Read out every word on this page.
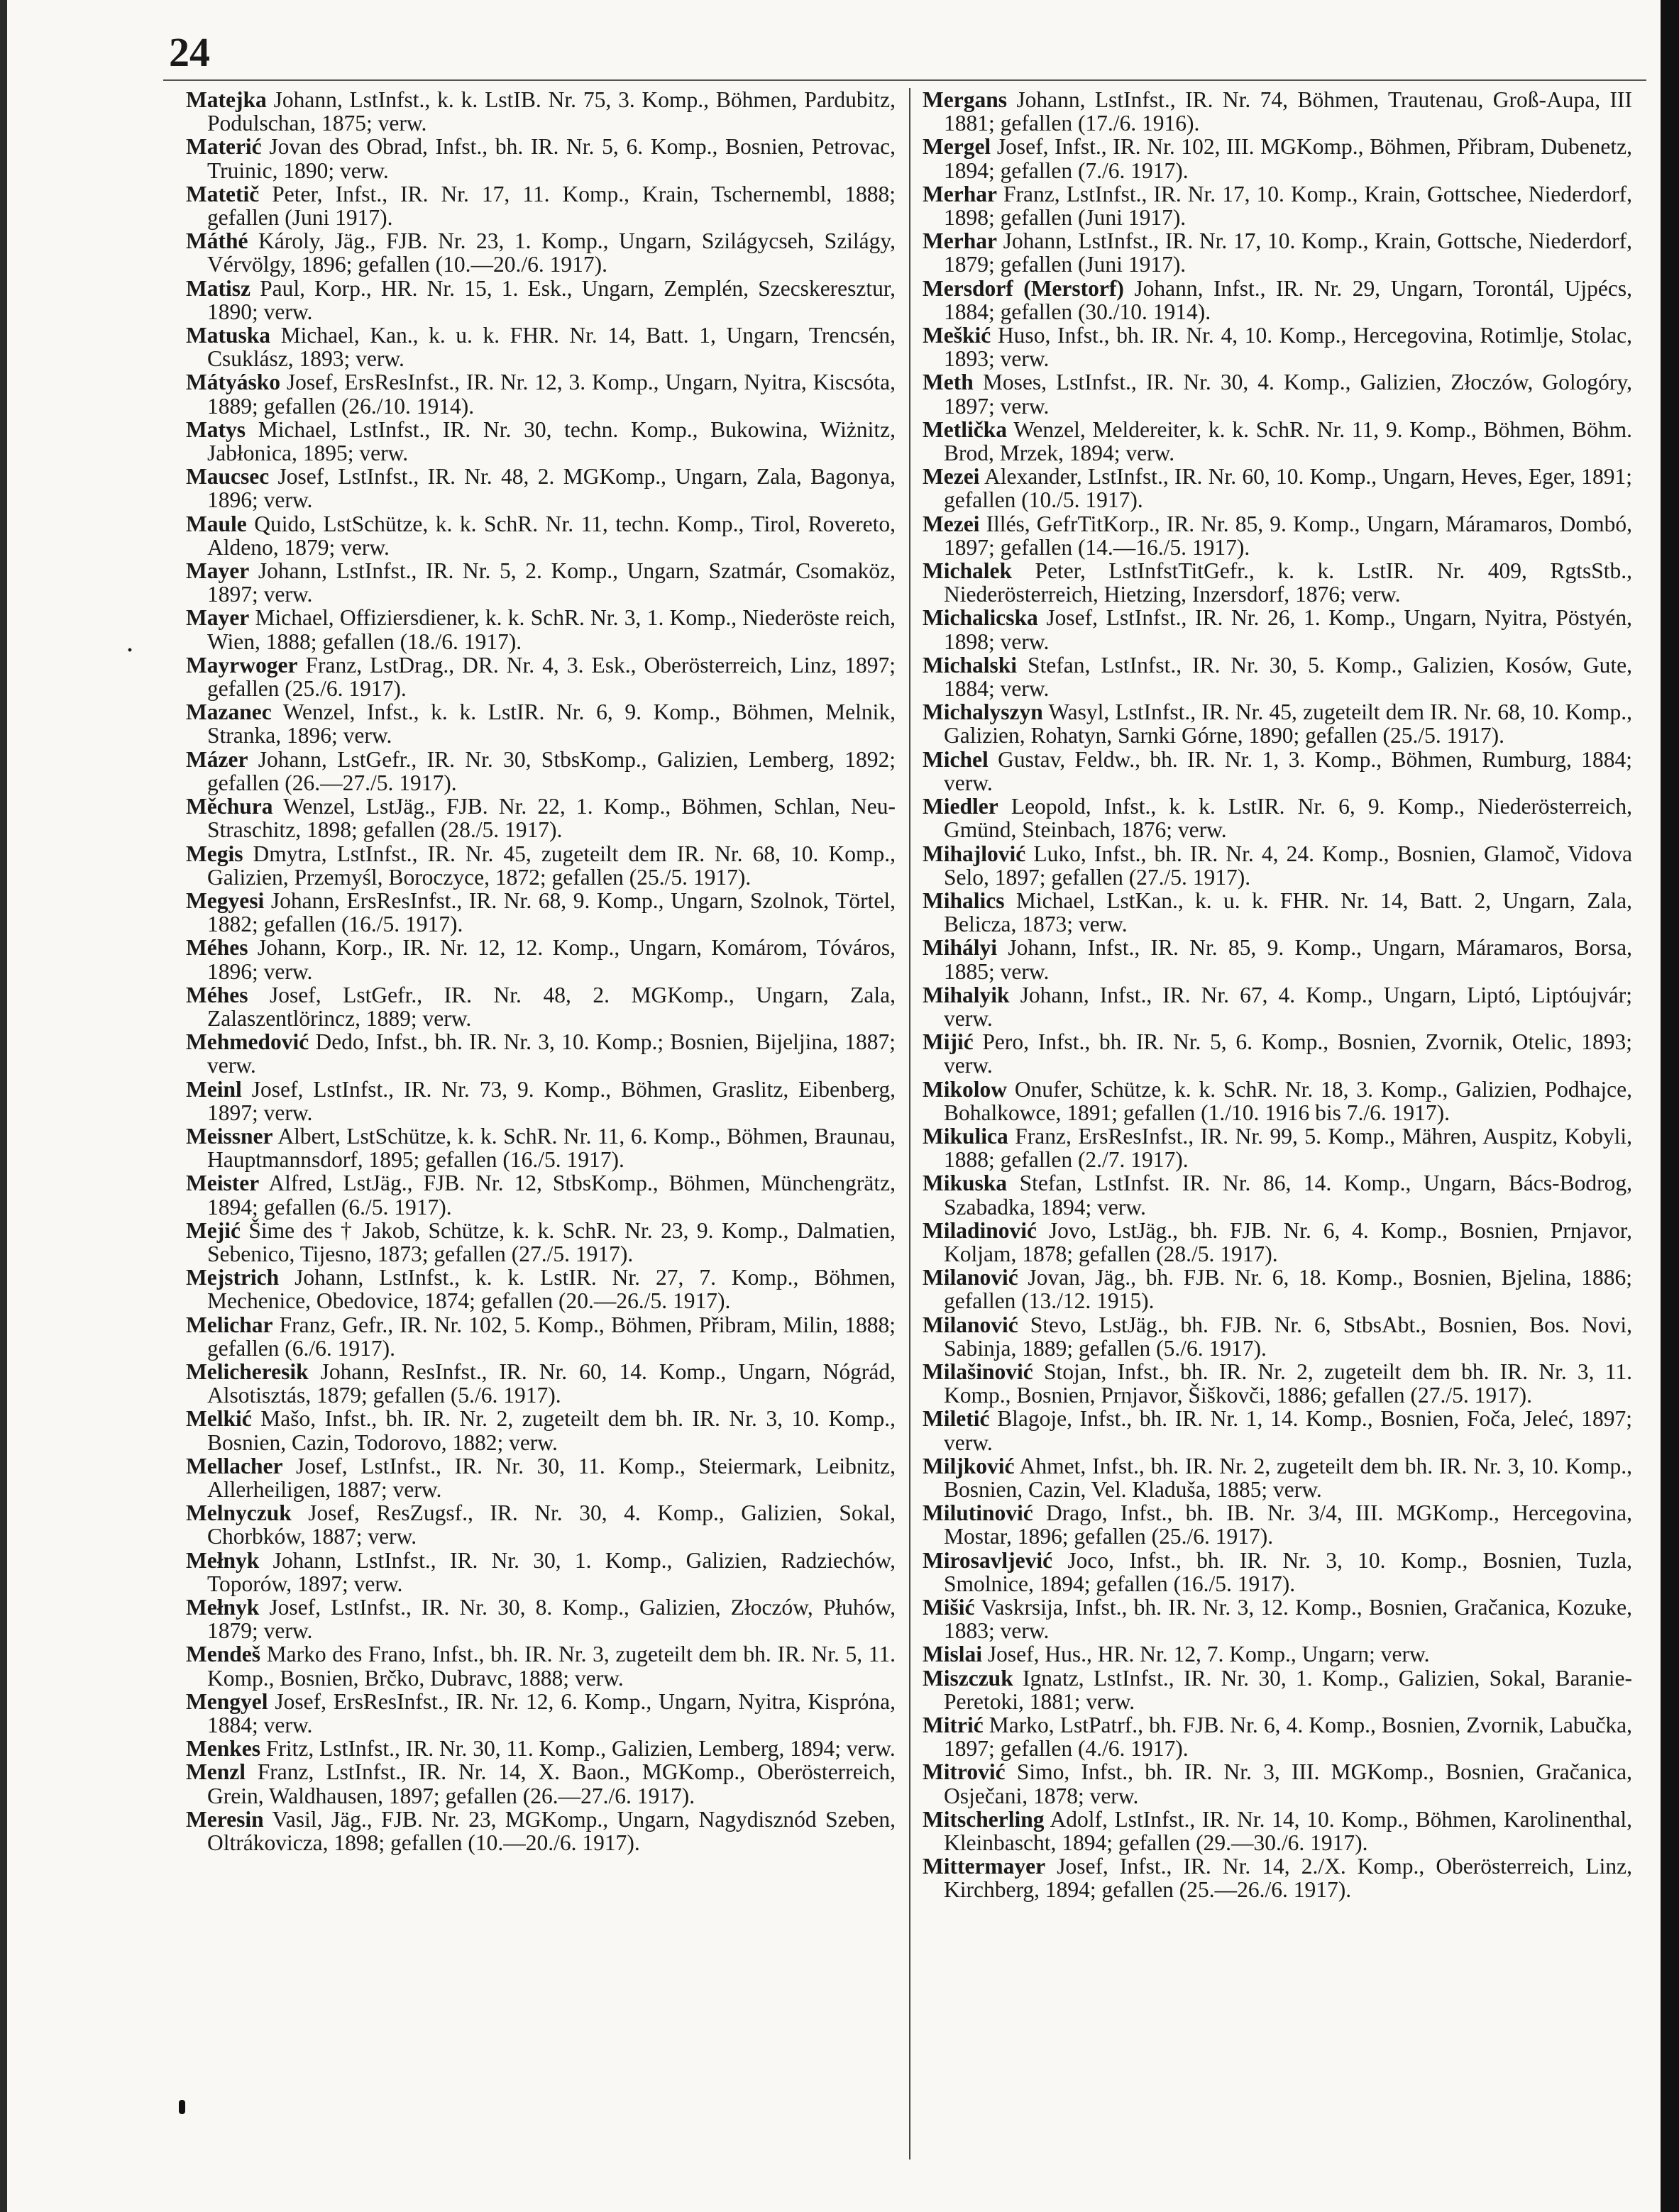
24
·

Matejka Johann, LstInfst., k. k. LstIB. Nr. 75, 3. Komp., Böhmen, Pardubitz, Podulschan, 1875; verw.

Materić Jovan des Obrad, Infst., bh. IR. Nr. 5, 6. Komp., Bosnien, Petrovac, Truinic, 1890; verw.

Matetič Peter, Infst., IR. Nr. 17, 11. Komp., Krain, Tschernembl, 1888; gefallen (Juni 1917).

Máthé Károly, Jäg., FJB. Nr. 23, 1. Komp., Ungarn, Szilágycseh, Szilágy, Vérvölgy, 1896; gefallen (10.—20./6. 1917).

Matisz Paul, Korp., HR. Nr. 15, 1. Esk., Ungarn, Zemplén, Szecskeresztur, 1890; verw.

Matuska Michael, Kan., k. u. k. FHR. Nr. 14, Batt. 1, Ungarn, Trencsén, Csuklász, 1893; verw.

Mátyásko Josef, ErsResInfst., IR. Nr. 12, 3. Komp., Ungarn, Nyitra, Kiscsóta, 1889; gefallen (26./10. 1914).

Matys Michael, LstInfst., IR. Nr. 30, techn. Komp., Bukowina, Wiżnitz, Jabłonica, 1895; verw.

Maucsec Josef, LstInfst., IR. Nr. 48, 2. MGKomp., Ungarn, Zala, Bagonya, 1896; verw.

Maule Quido, LstSchütze, k. k. SchR. Nr. 11, techn. Komp., Tirol, Rovereto, Aldeno, 1879; verw.

Mayer Johann, LstInfst., IR. Nr. 5, 2. Komp., Ungarn, Szatmár, Csomaköz, 1897; verw.

Mayer Michael, Offiziersdiener, k. k. SchR. Nr. 3, 1. Komp., Niederöste reich, Wien, 1888; gefallen (18./6. 1917).

Mayrwoger Franz, LstDrag., DR. Nr. 4, 3. Esk., Oberösterreich, Linz, 1897; gefallen (25./6. 1917).

Mazanec Wenzel, Infst., k. k. LstIR. Nr. 6, 9. Komp., Böhmen, Melnik, Stranka, 1896; verw.

Mázer Johann, LstGefr., IR. Nr. 30, StbsKomp., Galizien, Lemberg, 1892; gefallen (26.—27./5. 1917).

Měchura Wenzel, LstJäg., FJB. Nr. 22, 1. Komp., Böhmen, Schlan, Neu-Straschitz, 1898; gefallen (28./5. 1917).

Megis Dmytra, LstInfst., IR. Nr. 45, zugeteilt dem IR. Nr. 68, 10. Komp., Galizien, Przemyśl, Boroczyce, 1872; gefallen (25./5. 1917).

Megyesi Johann, ErsResInfst., IR. Nr. 68, 9. Komp., Ungarn, Szolnok, Törtel, 1882; gefallen (16./5. 1917).

Méhes Johann, Korp., IR. Nr. 12, 12. Komp., Ungarn, Komárom, Tóváros, 1896; verw.

Méhes Josef, LstGefr., IR. Nr. 48, 2. MGKomp., Ungarn, Zala, Zalaszentlörincz, 1889; verw.

Mehmedović Dedo, Infst., bh. IR. Nr. 3, 10. Komp.; Bosnien, Bijeljina, 1887; verw.

Meinl Josef, LstInfst., IR. Nr. 73, 9. Komp., Böhmen, Graslitz, Eibenberg, 1897; verw.

Meissner Albert, LstSchütze, k. k. SchR. Nr. 11, 6. Komp., Böhmen, Braunau, Hauptmannsdorf, 1895; gefallen (16./5. 1917).

Meister Alfred, LstJäg., FJB. Nr. 12, StbsKomp., Böhmen, Münchengrätz, 1894; gefallen (6./5. 1917).

Mejić Šime des † Jakob, Schütze, k. k. SchR. Nr. 23, 9. Komp., Dalmatien, Sebenico, Tijesno, 1873; gefallen (27./5. 1917).

Mejstrich Johann, LstInfst., k. k. LstIR. Nr. 27, 7. Komp., Böhmen, Mechenice, Obedovice, 1874; gefallen (20.—26./5. 1917).

Melichar Franz, Gefr., IR. Nr. 102, 5. Komp., Böhmen, Přibram, Milin, 1888; gefallen (6./6. 1917).

Melicheresik Johann, ResInfst., IR. Nr. 60, 14. Komp., Ungarn, Nógrád, Alsotisztás, 1879; gefallen (5./6. 1917).

Melkić Mašo, Infst., bh. IR. Nr. 2, zugeteilt dem bh. IR. Nr. 3, 10. Komp., Bosnien, Cazin, Todorovo, 1882; verw.

Mellacher Josef, LstInfst., IR. Nr. 30, 11. Komp., Steiermark, Leibnitz, Allerheiligen, 1887; verw.

Melnyczuk Josef, ResZugsf., IR. Nr. 30, 4. Komp., Galizien, Sokal, Chorbków, 1887; verw.

Mełnyk Johann, LstInfst., IR. Nr. 30, 1. Komp., Galizien, Radziechów, Toporów, 1897; verw.

Mełnyk Josef, LstInfst., IR. Nr. 30, 8. Komp., Galizien, Złoczów, Płuhów, 1879; verw.

Mendeš Marko des Frano, Infst., bh. IR. Nr. 3, zugeteilt dem bh. IR. Nr. 5, 11. Komp., Bosnien, Brčko, Dubravc, 1888; verw.

Mengyel Josef, ErsResInfst., IR. Nr. 12, 6. Komp., Ungarn, Nyitra, Kisprόna, 1884; verw.

Menkes Fritz, LstInfst., IR. Nr. 30, 11. Komp., Galizien, Lemberg, 1894; verw.

Menzl Franz, LstInfst., IR. Nr. 14, X. Baon., MGKomp., Oberösterreich, Grein, Waldhausen, 1897; gefallen (26.—27./6. 1917).

Meresin Vasil, Jäg., FJB. Nr. 23, MGKomp., Ungarn, Nagydisznód Szeben, Oltrákovicza, 1898; gefallen (10.—20./6. 1917).

Mergans Johann, LstInfst., IR. Nr. 74, Böhmen, Trautenau, Groß-Aupa, III 1881; gefallen (17./6. 1916).

Mergel Josef, Infst., IR. Nr. 102, III. MGKomp., Böhmen, Přibram, Dubenetz, 1894; gefallen (7./6. 1917).

Merhar Franz, LstInfst., IR. Nr. 17, 10. Komp., Krain, Gottschee, Niederdorf, 1898; gefallen (Juni 1917).

Merhar Johann, LstInfst., IR. Nr. 17, 10. Komp., Krain, Gottsche, Niederdorf, 1879; gefallen (Juni 1917).

Mersdorf (Merstorf) Johann, Infst., IR. Nr. 29, Ungarn, Torontál, Ujpécs, 1884; gefallen (30./10. 1914).

Meškić Huso, Infst., bh. IR. Nr. 4, 10. Komp., Hercegovina, Rotimlje, Stolac, 1893; verw.

Meth Moses, LstInfst., IR. Nr. 30, 4. Komp., Galizien, Złoczów, Gologóry, 1897; verw.

Metlička Wenzel, Meldereiter, k. k. SchR. Nr. 11, 9. Komp., Böhmen, Böhm. Brod, Mrzek, 1894; verw.

Mezei Alexander, LstInfst., IR. Nr. 60, 10. Komp., Ungarn, Heves, Eger, 1891; gefallen (10./5. 1917).

Mezei Illés, GefrTitKorp., IR. Nr. 85, 9. Komp., Ungarn, Máramaros, Dombó, 1897; gefallen (14.—16./5. 1917).

Michalek Peter, LstInfstTitGefr., k. k. LstIR. Nr. 409, RgtsStb., Niederösterreich, Hietzing, Inzersdorf, 1876; verw.

Michalicska Josef, LstInfst., IR. Nr. 26, 1. Komp., Ungarn, Nyitra, Pöstyén, 1898; verw.

Michalski Stefan, LstInfst., IR. Nr. 30, 5. Komp., Galizien, Kosów, Gute, 1884; verw.

Michalyszyn Wasyl, LstInfst., IR. Nr. 45, zugeteilt dem IR. Nr. 68, 10. Komp., Galizien, Rohatyn, Sarnki Górne, 1890; gefallen (25./5. 1917).

Michel Gustav, Feldw., bh. IR. Nr. 1, 3. Komp., Böhmen, Rumburg, 1884; verw.

Miedler Leopold, Infst., k. k. LstIR. Nr. 6, 9. Komp., Niederösterreich, Gmünd, Steinbach, 1876; verw.

Mihajlović Luko, Infst., bh. IR. Nr. 4, 24. Komp., Bosnien, Glamoč, Vidova Selo, 1897; gefallen (27./5. 1917).

Mihalics Michael, LstKan., k. u. k. FHR. Nr. 14, Batt. 2, Ungarn, Zala, Belicza, 1873; verw.

Mihályi Johann, Infst., IR. Nr. 85, 9. Komp., Ungarn, Máramaros, Borsa, 1885; verw.

Mihalyik Johann, Infst., IR. Nr. 67, 4. Komp., Ungarn, Liptó, Liptóujvár; verw.

Mijić Pero, Infst., bh. IR. Nr. 5, 6. Komp., Bosnien, Zvornik, Otelic, 1893; verw.

Mikolow Onufer, Schütze, k. k. SchR. Nr. 18, 3. Komp., Galizien, Podhajce, Bohalkowce, 1891; gefallen (1./10. 1916 bis 7./6. 1917).

Mikulica Franz, ErsResInfst., IR. Nr. 99, 5. Komp., Mähren, Auspitz, Kobyli, 1888; gefallen (2./7. 1917).

Mikuska Stefan, LstInfst. IR. Nr. 86, 14. Komp., Ungarn, Bács-Bodrog, Szabadka, 1894; verw.

Miladinović Jovo, LstJäg., bh. FJB. Nr. 6, 4. Komp., Bosnien, Prnjavor, Koljam, 1878; gefallen (28./5. 1917).

Milanović Jovan, Jäg., bh. FJB. Nr. 6, 18. Komp., Bosnien, Bjelina, 1886; gefallen (13./12. 1915).

Milanović Stevo, LstJäg., bh. FJB. Nr. 6, StbsAbt., Bosnien, Bos. Novi, Sabinja, 1889; gefallen (5./6. 1917).

Milašinović Stojan, Infst., bh. IR. Nr. 2, zugeteilt dem bh. IR. Nr. 3, 11. Komp., Bosnien, Prnjavor, Šiškovči, 1886; gefallen (27./5. 1917).

Miletić Blagoje, Infst., bh. IR. Nr. 1, 14. Komp., Bosnien, Foča, Jeleć, 1897; verw.

Miljković Ahmet, Infst., bh. IR. Nr. 2, zugeteilt dem bh. IR. Nr. 3, 10. Komp., Bosnien, Cazin, Vel. Kladuša, 1885; verw.

Milutinović Drago, Infst., bh. IB. Nr. 3/4, III. MGKomp., Hercegovina, Mostar, 1896; gefallen (25./6. 1917).

Mirosavljević Joco, Infst., bh. IR. Nr. 3, 10. Komp., Bosnien, Tuzla, Smolnice, 1894; gefallen (16./5. 1917).

Mišić Vaskrsija, Infst., bh. IR. Nr. 3, 12. Komp., Bosnien, Gračanica, Kozuke, 1883; verw.

Mislai Josef, Hus., HR. Nr. 12, 7. Komp., Ungarn; verw.

Miszczuk Ignatz, LstInfst., IR. Nr. 30, 1. Komp., Galizien, Sokal, Baranie-Peretoki, 1881; verw.

Mitrić Marko, LstPatrf., bh. FJB. Nr. 6, 4. Komp., Bosnien, Zvornik, Labučka, 1897; gefallen (4./6. 1917).

Mitrović Simo, Infst., bh. IR. Nr. 3, III. MGKomp., Bosnien, Gračanica, Osječani, 1878; verw.

Mitscherling Adolf, LstInfst., IR. Nr. 14, 10. Komp., Böhmen, Karolinenthal, Kleinbascht, 1894; gefallen (29.—30./6. 1917).

Mittermayer Josef, Infst., IR. Nr. 14, 2./X. Komp., Oberösterreich, Linz, Kirchberg, 1894; gefallen (25.—26./6. 1917).
